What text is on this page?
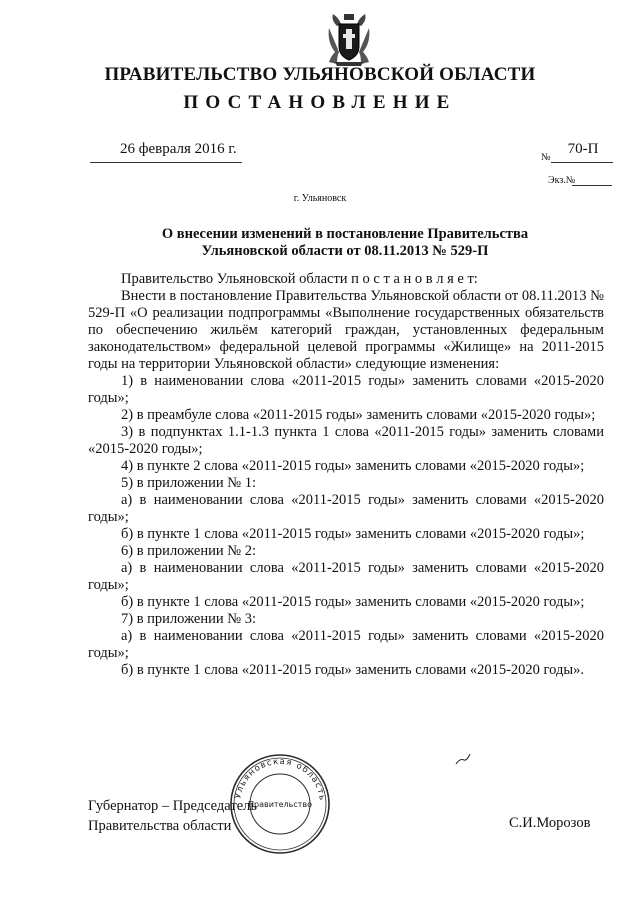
ПРАВИТЕЛЬСТВО УЛЬЯНОВСКОЙ ОБЛАСТИ
ПОСТАНОВЛЕНИЕ
26 февраля 2016 г.
№
70-П
Экз.№
г. Ульяновск
О внесении изменений в постановление Правительства
Ульяновской области от 08.11.2013 № 529-П

Правительство Ульяновской области п о с т а н о в л я е т:

Внести в постановление Правительства Ульяновской области от 08.11.2013 № 529-П «О реализации подпрограммы «Выполнение государственных обязательств по обеспечению жильём категорий граждан, установленных федеральным законодательством» федеральной целевой программы «Жилище» на 2011-2015 годы на территории Ульяновской области» следующие изменения:

1) в наименовании слова «2011-2015 годы» заменить словами «2015-2020 годы»;

2) в преамбуле слова «2011-2015 годы» заменить словами «2015-2020 годы»;

3) в подпунктах 1.1-1.3 пункта 1 слова «2011-2015 годы» заменить словами «2015-2020 годы»;

4) в пункте 2 слова «2011-2015 годы» заменить словами «2015-2020 годы»;

5) в приложении № 1:

а) в наименовании слова «2011-2015 годы» заменить словами «2015-2020 годы»;

б) в пункте 1 слова «2011-2015 годы» заменить словами «2015-2020 годы»;

6) в приложении № 2:

а) в наименовании слова «2011-2015 годы» заменить словами «2015-2020 годы»;

б) в пункте 1 слова «2011-2015 годы» заменить словами «2015-2020 годы»;

7) в приложении № 3:

а) в наименовании слова «2011-2015 годы» заменить словами «2015-2020 годы»;

б) в пункте 1 слова «2011-2015 годы» заменить словами «2015-2020 годы».

Губернатор – Председатель
Правительства области	С.И.Морозов
Ульяновская область
Правительство
